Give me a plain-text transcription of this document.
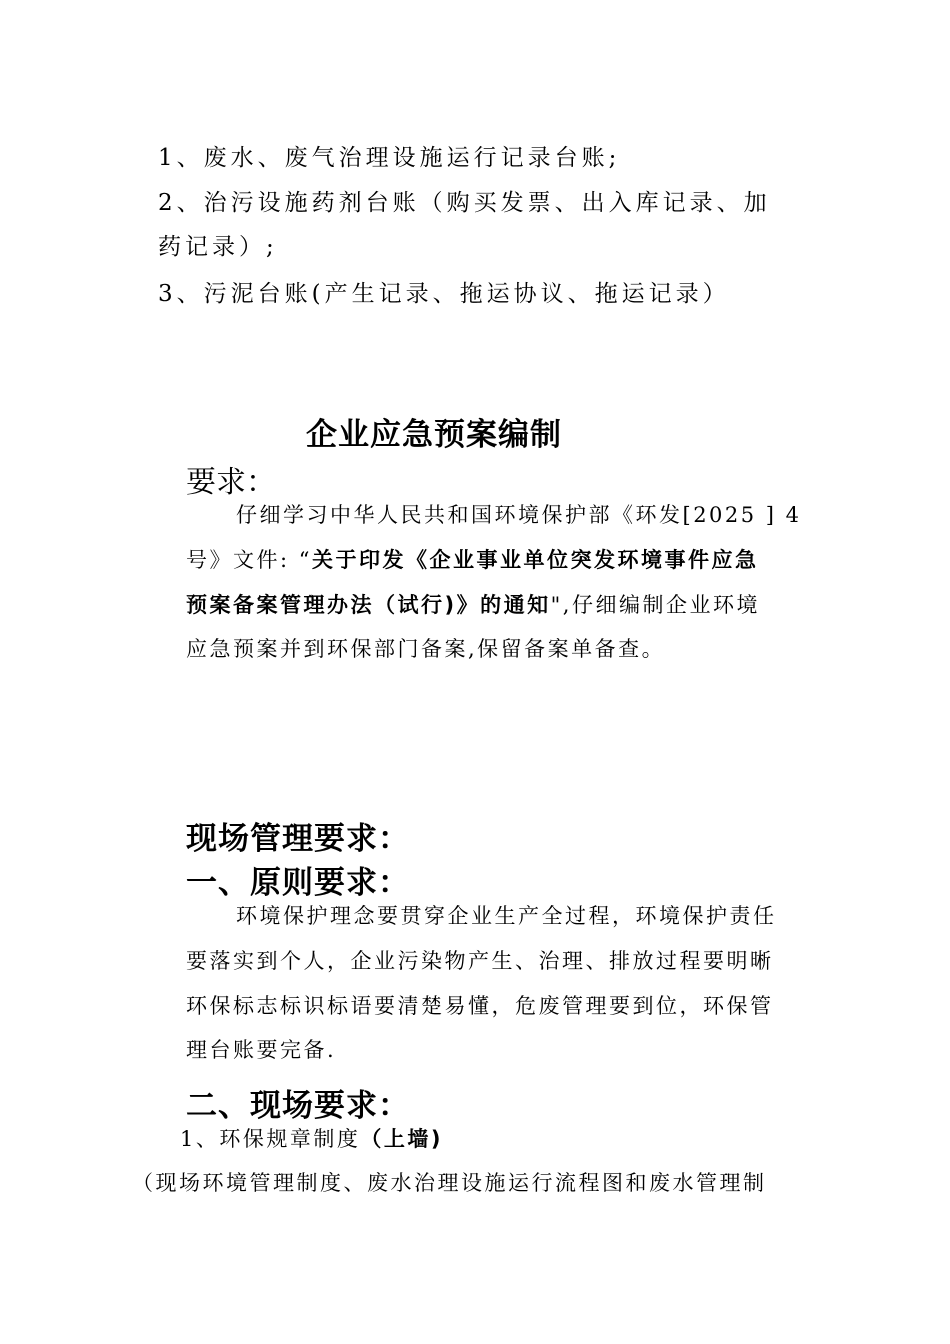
1、废水、废气治理设施运行记录台账;
2、治污设施药剂台账（购买发票、出入库记录、加
药记录）;
3、污泥台账(产生记录、拖运协议、拖运记录）
企业应急预案编制
要求：
仔细学习中华人民共和国环境保护部《环发[2025 ] 4
号》文件: “关于印发《企业事业单位突发环境事件应急
预案备案管理办法（试行)》的通知",仔细编制企业环境
应急预案并到环保部门备案,保留备案单备查。
现场管理要求：
一、原则要求：
环境保护理念要贯穿企业生产全过程，环境保护责任
要落实到个人，企业污染物产生、治理、排放过程要明晰
环保标志标识标语要清楚易懂，危废管理要到位，环保管
理台账要完备.
二、现场要求：
1、环保规章制度（上墙)
（现场环境管理制度、废水治理设施运行流程图和废水管理制
